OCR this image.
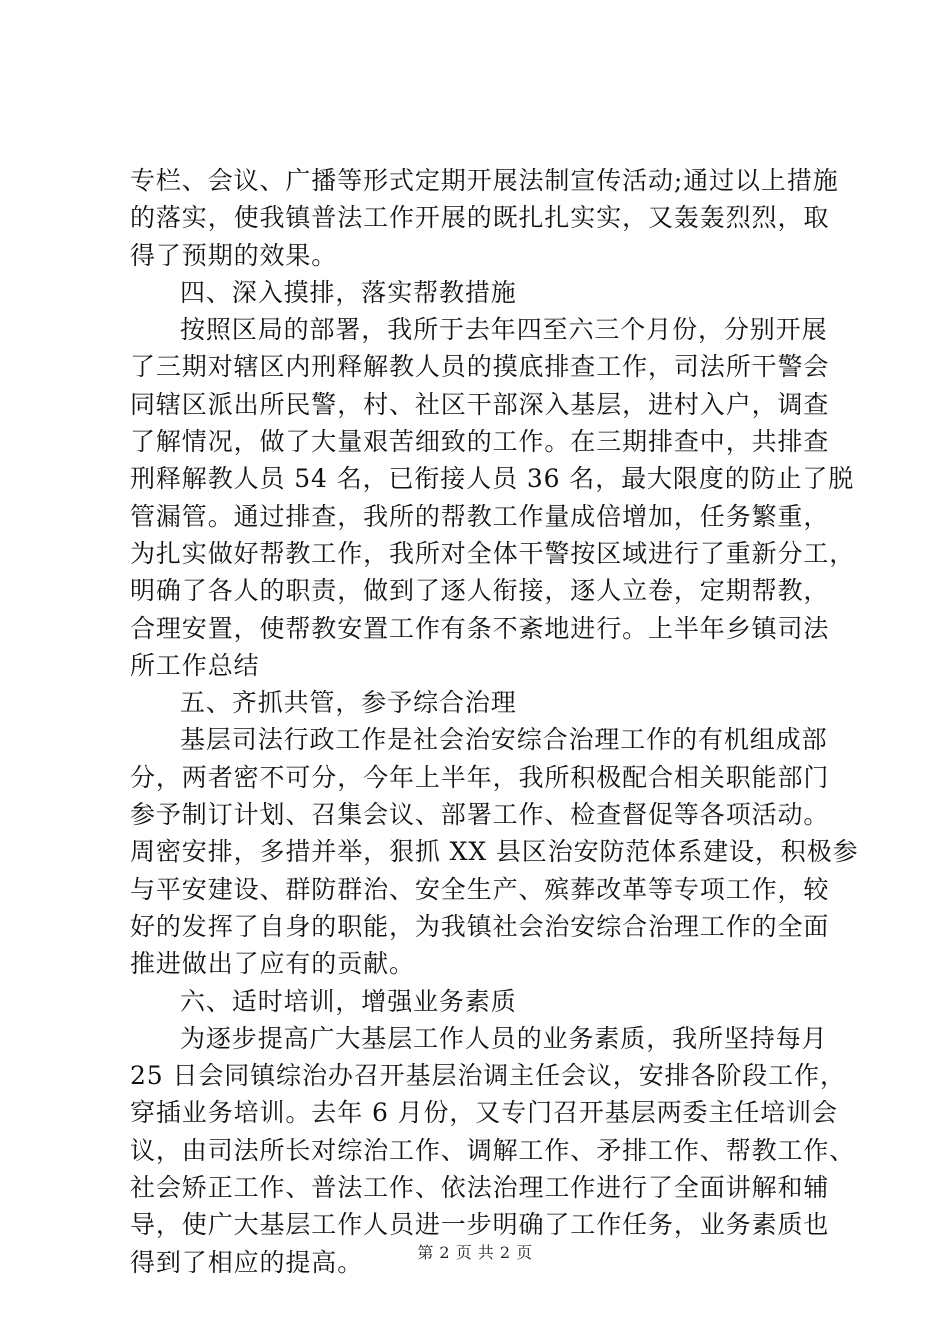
专栏、会议、广播等形式定期开展法制宣传活动;通过以上措施
的落实，使我镇普法工作开展的既扎扎实实，又轰轰烈烈，取
得了预期的效果。
四、深入摸排，落实帮教措施
按照区局的部署，我所于去年四至六三个月份，分别开展
了三期对辖区内刑释解教人员的摸底排查工作，司法所干警会
同辖区派出所民警，村、社区干部深入基层，进村入户，调查
了解情况，做了大量艰苦细致的工作。在三期排查中，共排查
刑释解教人员 54 名，已衔接人员 36 名，最大限度的防止了脱
管漏管。通过排查，我所的帮教工作量成倍增加，任务繁重，
为扎实做好帮教工作，我所对全体干警按区域进行了重新分工，
明确了各人的职责，做到了逐人衔接，逐人立卷，定期帮教，
合理安置，使帮教安置工作有条不紊地进行。上半年乡镇司法
所工作总结
五、齐抓共管，参予综合治理
基层司法行政工作是社会治安综合治理工作的有机组成部
分，两者密不可分，今年上半年，我所积极配合相关职能部门
参予制订计划、召集会议、部署工作、检查督促等各项活动。
周密安排，多措并举，狠抓 XX 县区治安防范体系建设，积极参
与平安建设、群防群治、安全生产、殡葬改革等专项工作，较
好的发挥了自身的职能，为我镇社会治安综合治理工作的全面
推进做出了应有的贡献。
六、适时培训，增强业务素质
为逐步提高广大基层工作人员的业务素质，我所坚持每月
25 日会同镇综治办召开基层治调主任会议，安排各阶段工作，
穿插业务培训。去年 6 月份，又专门召开基层两委主任培训会
议，由司法所长对综治工作、调解工作、矛排工作、帮教工作、
社会矫正工作、普法工作、依法治理工作进行了全面讲解和辅
导，使广大基层工作人员进一步明确了工作任务，业务素质也
得到了相应的提高。	第 2 页 共 2 页
